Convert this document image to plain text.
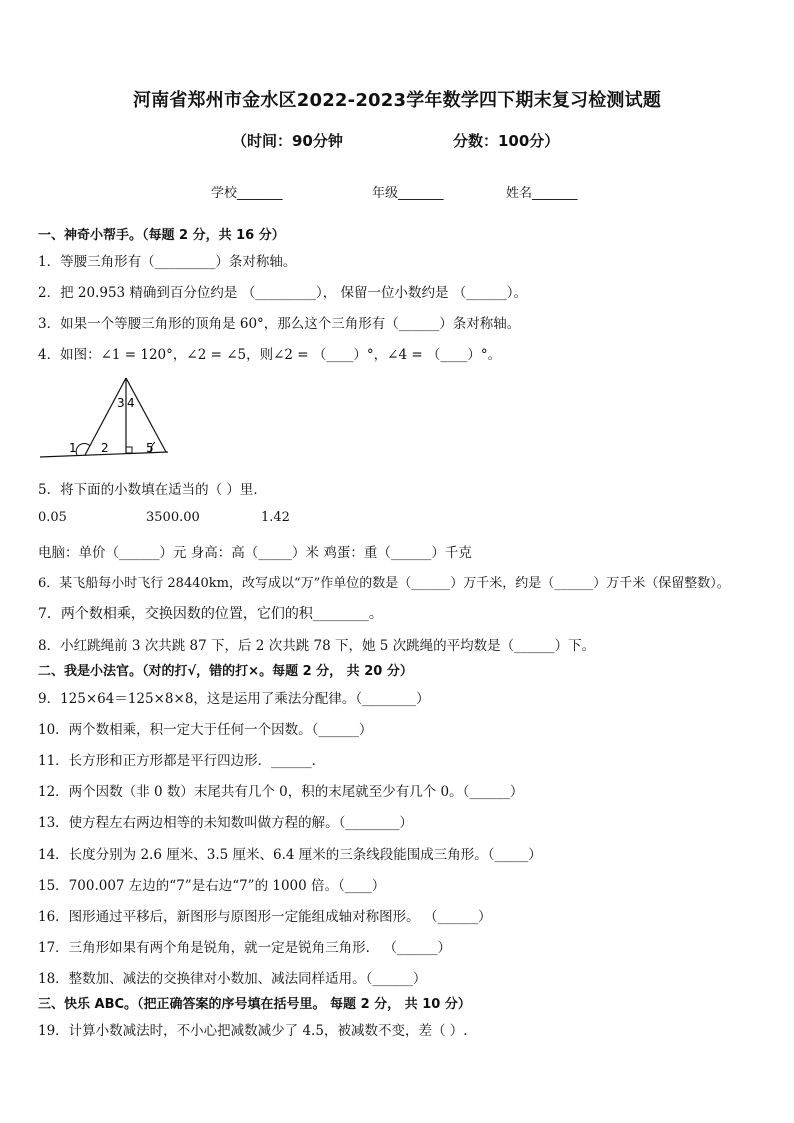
河南省郑州市金水区2022-2023学年数学四下期末复习检测试题
（时间：90分钟	分数：100分）
学校_______	年级_______	姓名_______
一、神奇小帮手。（每题 2 分，共 16 分）
1．等腰三角形有（_________）条对称轴。
2．把 20.953 精确到百分位约是 （_________）， 保留一位小数约是 （______）。
3．如果一个等腰三角形的顶角是 60°，那么这个三角形有（______）条对称轴。
4．如图：∠1 = 120°，∠2 = ∠5，则∠2 = （____）°，∠4 = （____）°。
1 2
3 4
5
5．将下面的小数填在适当的（ ）里．
0.05	3500.00	1.42
电脑：单价（______）元 身高：高（_____）米 鸡蛋：重（______）千克
6．某飞船每小时飞行 28440km，改写成以“万”作单位的数是（______）万千米，约是（______）万千米（保留整数）。
7．两个数相乘，交换因数的位置，它们的积________。
8．小红跳绳前 3 次共跳 87 下，后 2 次共跳 78 下，她 5 次跳绳的平均数是（______）下。
二、我是小法官。（对的打√，错的打×。每题 2 分， 共 20 分）
9．125×64＝125×8×8，这是运用了乘法分配律。（________）
10．两个数相乘，积一定大于任何一个因数。（______）
11．长方形和正方形都是平行四边形．______．
12．两个因数（非 0 数）末尾共有几个 0，积的末尾就至少有几个 0。（______）
13．使方程左右两边相等的未知数叫做方程的解。（________）
14．长度分别为 2.6 厘米、3.5 厘米、6.4 厘米的三条线段能围成三角形。（_____）
15．700.007 左边的“7”是右边“7”的 1000 倍。（____）
16．图形通过平移后，新图形与原图形一定能组成轴对称图形。 （______）
17．三角形如果有两个角是锐角，就一定是锐角三角形． （______）
18．整数加、减法的交换律对小数加、减法同样适用。（______）
三、快乐 ABC。（把正确答案的序号填在括号里。 每题 2 分， 共 10 分）
19．计算小数减法时，不小心把减数减少了 4.5，被减数不变，差（ ）.
